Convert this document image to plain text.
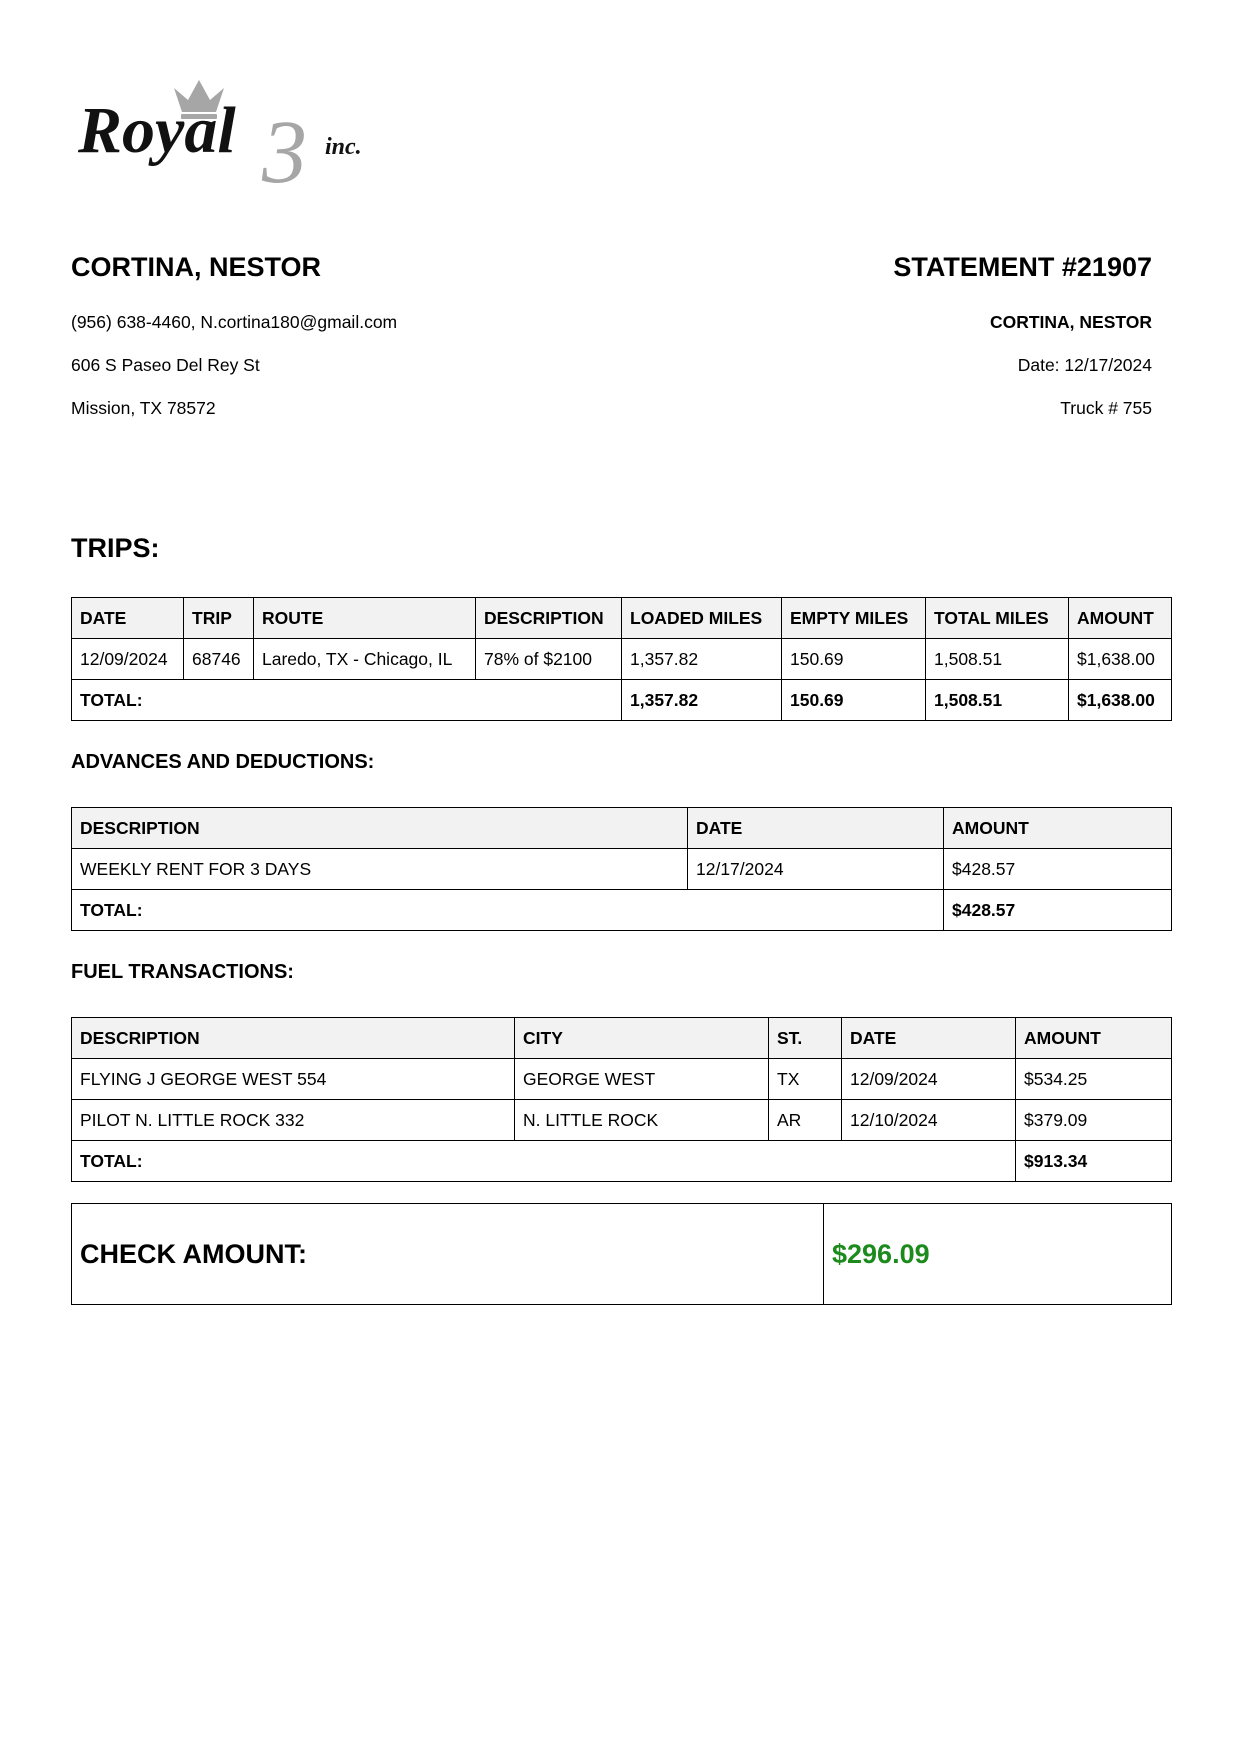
Royal 3 inc.
CORTINA, NESTOR
(956) 638-4460, N.cortina180@gmail.com
606 S Paseo Del Rey St
Mission, TX 78572
STATEMENT #21907
CORTINA, NESTOR
Date: 12/17/2024
Truck # 755
TRIPS:
DATE	TRIP	ROUTE	DESCRIPTION	LOADED MILES	EMPTY MILES	TOTAL MILES	AMOUNT
12/09/2024	68746	Laredo, TX - Chicago, IL	78% of $2100	1,357.82	150.69	1,508.51	$1,638.00
TOTAL:				1,357.82	150.69	1,508.51	$1,638.00
ADVANCES AND DEDUCTIONS:
DESCRIPTION	DATE	AMOUNT
WEEKLY RENT FOR 3 DAYS	12/17/2024	$428.57
TOTAL:		$428.57
FUEL TRANSACTIONS:
DESCRIPTION	CITY	ST.	DATE	AMOUNT
FLYING J GEORGE WEST 554	GEORGE WEST	TX	12/09/2024	$534.25
PILOT N. LITTLE ROCK 332	N. LITTLE ROCK	AR	12/10/2024	$379.09
TOTAL:				$913.34
CHECK AMOUNT:	$296.09
